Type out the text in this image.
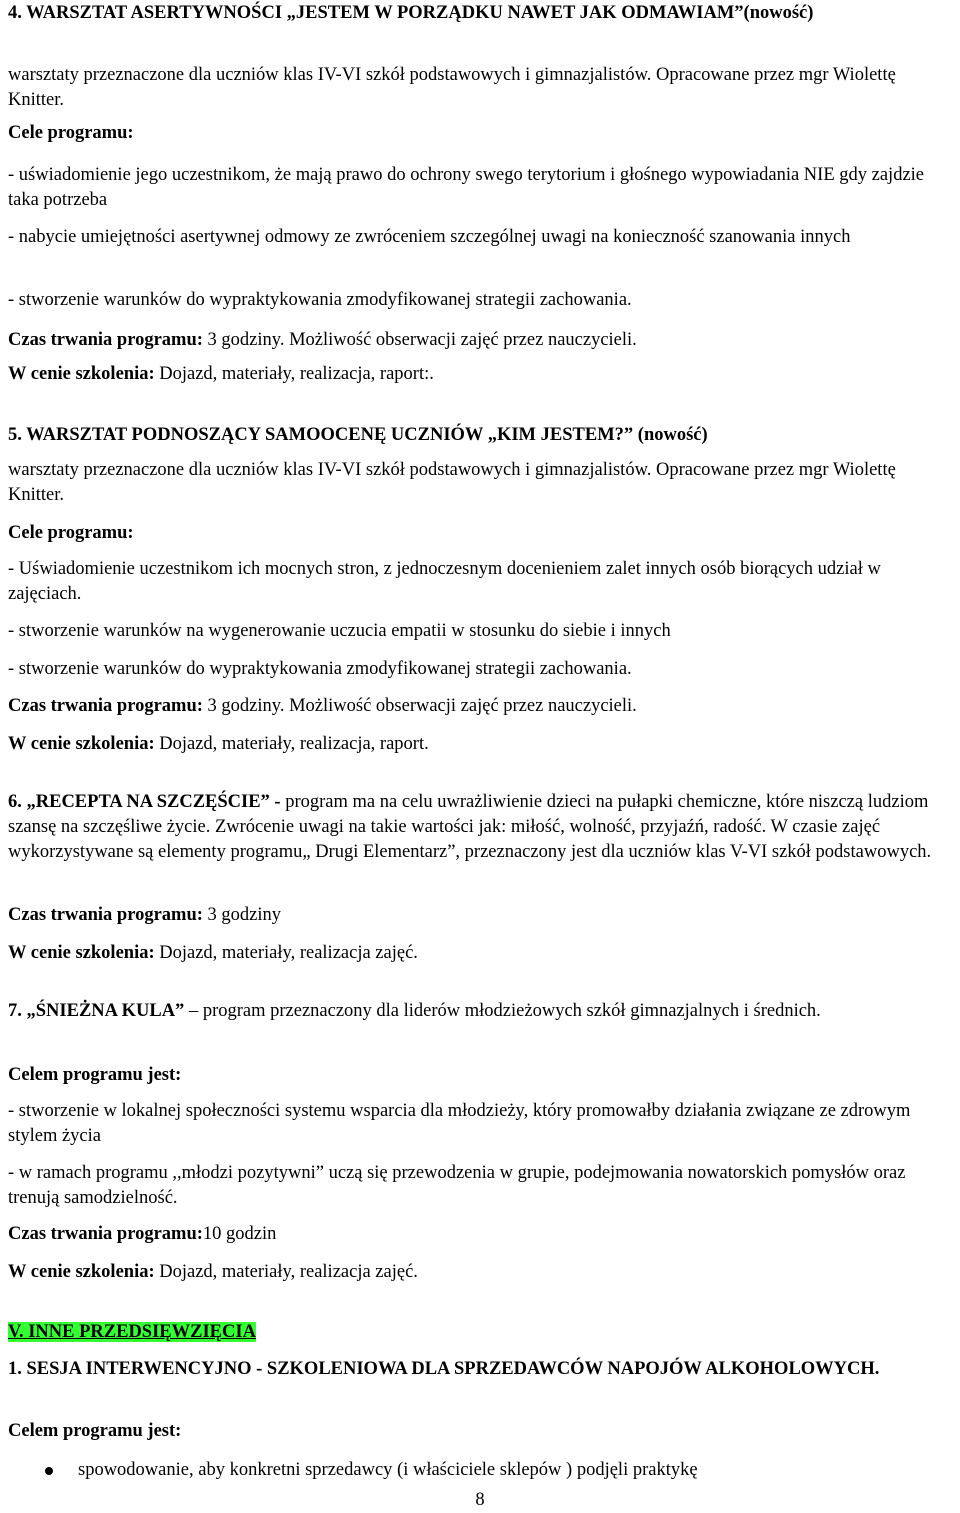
4. WARSZTAT ASERTYWNOŚCI „JESTEM W PORZĄDKU NAWET JAK ODMAWIAM”(nowość)

warsztaty przeznaczone dla uczniów klas IV-VI szkół podstawowych i gimnazjalistów. Opracowane przez mgr Wiolettę Knitter.

Cele programu:

- uświadomienie jego uczestnikom, że mają prawo do ochrony swego terytorium i głośnego wypowiadania NIE gdy zajdzie taka potrzeba

- nabycie umiejętności asertywnej odmowy ze zwróceniem szczególnej uwagi na konieczność szanowania innych

- stworzenie warunków do wypraktykowania zmodyfikowanej strategii zachowania.

Czas trwania programu: 3 godziny. Możliwość obserwacji zajęć przez nauczycieli.

W cenie szkolenia: Dojazd, materiały, realizacja, raport:.

5. WARSZTAT PODNOSZĄCY SAMOOCENĘ UCZNIÓW „KIM JESTEM?” (nowość)

warsztaty przeznaczone dla uczniów klas IV-VI szkół podstawowych i gimnazjalistów. Opracowane przez mgr Wiolettę Knitter.

Cele programu:

- Uświadomienie uczestnikom ich mocnych stron, z jednoczesnym docenieniem zalet innych osób biorących udział w zajęciach.

- stworzenie warunków na wygenerowanie uczucia empatii w stosunku do siebie i innych

- stworzenie warunków do wypraktykowania zmodyfikowanej strategii zachowania.

Czas trwania programu: 3 godziny. Możliwość obserwacji zajęć przez nauczycieli.

W cenie szkolenia: Dojazd, materiały, realizacja, raport.

6. „RECEPTA NA SZCZĘŚCIE” - program ma na celu uwrażliwienie dzieci na pułapki chemiczne, które niszczą ludziom szansę na szczęśliwe życie. Zwrócenie uwagi na takie wartości jak: miłość, wolność, przyjaźń, radość. W czasie zajęć wykorzystywane są elementy programu„ Drugi Elementarz”, przeznaczony jest dla uczniów klas V-VI szkół podstawowych.

Czas trwania programu: 3 godziny

W cenie szkolenia: Dojazd, materiały, realizacja zajęć.

7. „ŚNIEŻNA KULA” – program przeznaczony dla liderów młodzieżowych szkół gimnazjalnych i średnich.

Celem programu jest:

- stworzenie w lokalnej społeczności systemu wsparcia dla młodzieży, który promowałby działania związane ze zdrowym stylem życia

- w ramach programu ,,młodzi pozytywni” uczą się przewodzenia w grupie, podejmowania nowatorskich pomysłów oraz trenują samodzielność.

Czas trwania programu:10 godzin

W cenie szkolenia: Dojazd, materiały, realizacja zajęć.

V. INNE PRZEDSIĘWZIĘCIA

1. SESJA INTERWENCYJNO - SZKOLENIOWA DLA SPRZEDAWCÓW NAPOJÓW ALKOHOLOWYCH.

Celem programu jest:

spowodowanie, aby konkretni sprzedawcy (i właściciele sklepów ) podjęli praktykę
8
